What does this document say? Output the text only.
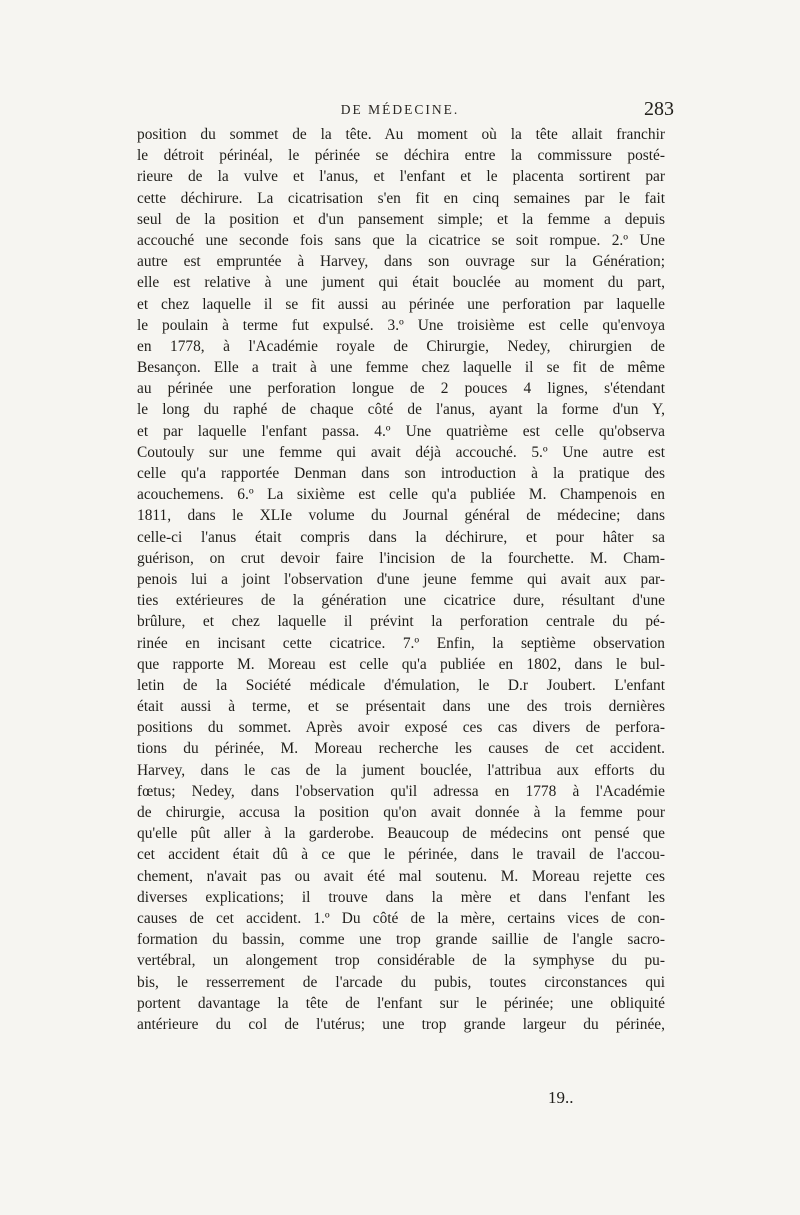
DE MÉDECINE.	283
position du sommet de la tête. Au moment où la tête allait franchir
le détroit périnéal, le périnée se déchira entre la commissure posté-
rieure de la vulve et l'anus, et l'enfant et le placenta sortirent par
cette déchirure. La cicatrisation s'en fit en cinq semaines par le fait
seul de la position et d'un pansement simple; et la femme a depuis
accouché une seconde fois sans que la cicatrice se soit rompue. 2.º Une
autre est empruntée à Harvey, dans son ouvrage sur la Génération;
elle est relative à une jument qui était bouclée au moment du part,
et chez laquelle il se fit aussi au périnée une perforation par laquelle
le poulain à terme fut expulsé. 3.º Une troisième est celle qu'envoya
en 1778, à l'Académie royale de Chirurgie, Nedey, chirurgien de
Besançon. Elle a trait à une femme chez laquelle il se fit de même
au périnée une perforation longue de 2 pouces 4 lignes, s'étendant
le long du raphé de chaque côté de l'anus, ayant la forme d'un Y,
et par laquelle l'enfant passa. 4.º Une quatrième est celle qu'observa
Coutouly sur une femme qui avait déjà accouché. 5.º Une autre est
celle qu'a rapportée Denman dans son introduction à la pratique des
acouchemens. 6.º La sixième est celle qu'a publiée M. Champenois en
1811, dans le XLIe volume du Journal général de médecine; dans
celle-ci l'anus était compris dans la déchirure, et pour hâter sa
guérison, on crut devoir faire l'incision de la fourchette. M. Cham-
penois lui a joint l'observation d'une jeune femme qui avait aux par-
ties extérieures de la génération une cicatrice dure, résultant d'une
brûlure, et chez laquelle il prévint la perforation centrale du pé-
rinée en incisant cette cicatrice. 7.º Enfin, la septième observation
que rapporte M. Moreau est celle qu'a publiée en 1802, dans le bul-
letin de la Société médicale d'émulation, le D.r Joubert. L'enfant
était aussi à terme, et se présentait dans une des trois dernières
positions du sommet. Après avoir exposé ces cas divers de perfora-
tions du périnée, M. Moreau recherche les causes de cet accident.
Harvey, dans le cas de la jument bouclée, l'attribua aux efforts du
fœtus; Nedey, dans l'observation qu'il adressa en 1778 à l'Académie
de chirurgie, accusa la position qu'on avait donnée à la femme pour
qu'elle pût aller à la garderobe. Beaucoup de médecins ont pensé que
cet accident était dû à ce que le périnée, dans le travail de l'accou-
chement, n'avait pas ou avait été mal soutenu. M. Moreau rejette ces
diverses explications; il trouve dans la mère et dans l'enfant les
causes de cet accident. 1.º Du côté de la mère, certains vices de con-
formation du bassin, comme une trop grande saillie de l'angle sacro-
vertébral, un alongement trop considérable de la symphyse du pu-
bis, le resserrement de l'arcade du pubis, toutes circonstances qui
portent davantage la tête de l'enfant sur le périnée; une obliquité
antérieure du col de l'utérus; une trop grande largeur du périnée,
19..
